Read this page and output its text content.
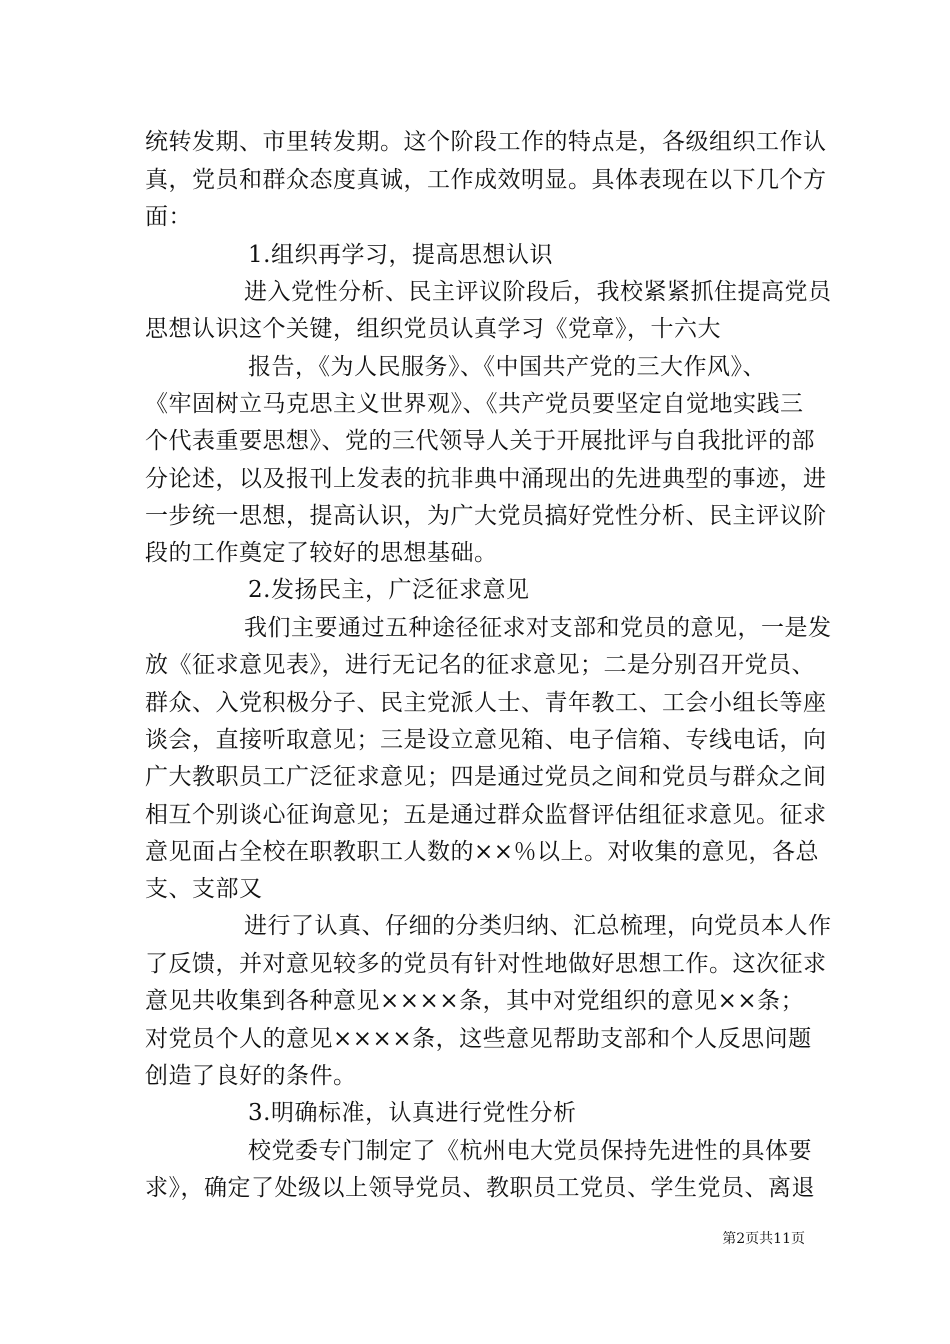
统转发期、市里转发期。这个阶段工作的特点是，各级组织工作认
真，党员和群众态度真诚，工作成效明显。具体表现在以下几个方
面：
1.组织再学习，提高思想认识
进入党性分析、民主评议阶段后，我校紧紧抓住提高党员
思想认识这个关键，组织党员认真学习《党章》，十六大
报告，《为人民服务》、《中国共产党的三大作风》、
《牢固树立马克思主义世界观》、《共产党员要坚定自觉地实践三
个代表重要思想》、党的三代领导人关于开展批评与自我批评的部
分论述，以及报刊上发表的抗非典中涌现出的先进典型的事迹，进
一步统一思想，提高认识，为广大党员搞好党性分析、民主评议阶
段的工作奠定了较好的思想基础。
2.发扬民主，广泛征求意见
我们主要通过五种途径征求对支部和党员的意见，一是发
放《征求意见表》，进行无记名的征求意见；二是分别召开党员、
群众、入党积极分子、民主党派人士、青年教工、工会小组长等座
谈会，直接听取意见；三是设立意见箱、电子信箱、专线电话，向
广大教职员工广泛征求意见；四是通过党员之间和党员与群众之间
相互个别谈心征询意见；五是通过群众监督评估组征求意见。征求
意见面占全校在职教职工人数的××％以上。对收集的意见，各总
支、支部又
进行了认真、仔细的分类归纳、汇总梳理，向党员本人作
了反馈，并对意见较多的党员有针对性地做好思想工作。这次征求
意见共收集到各种意见××××条，其中对党组织的意见××条；
对党员个人的意见××××条，这些意见帮助支部和个人反思问题
创造了良好的条件。
3.明确标准，认真进行党性分析
校党委专门制定了《杭州电大党员保持先进性的具体要
求》，确定了处级以上领导党员、教职员工党员、学生党员、离退
第2页共11页
